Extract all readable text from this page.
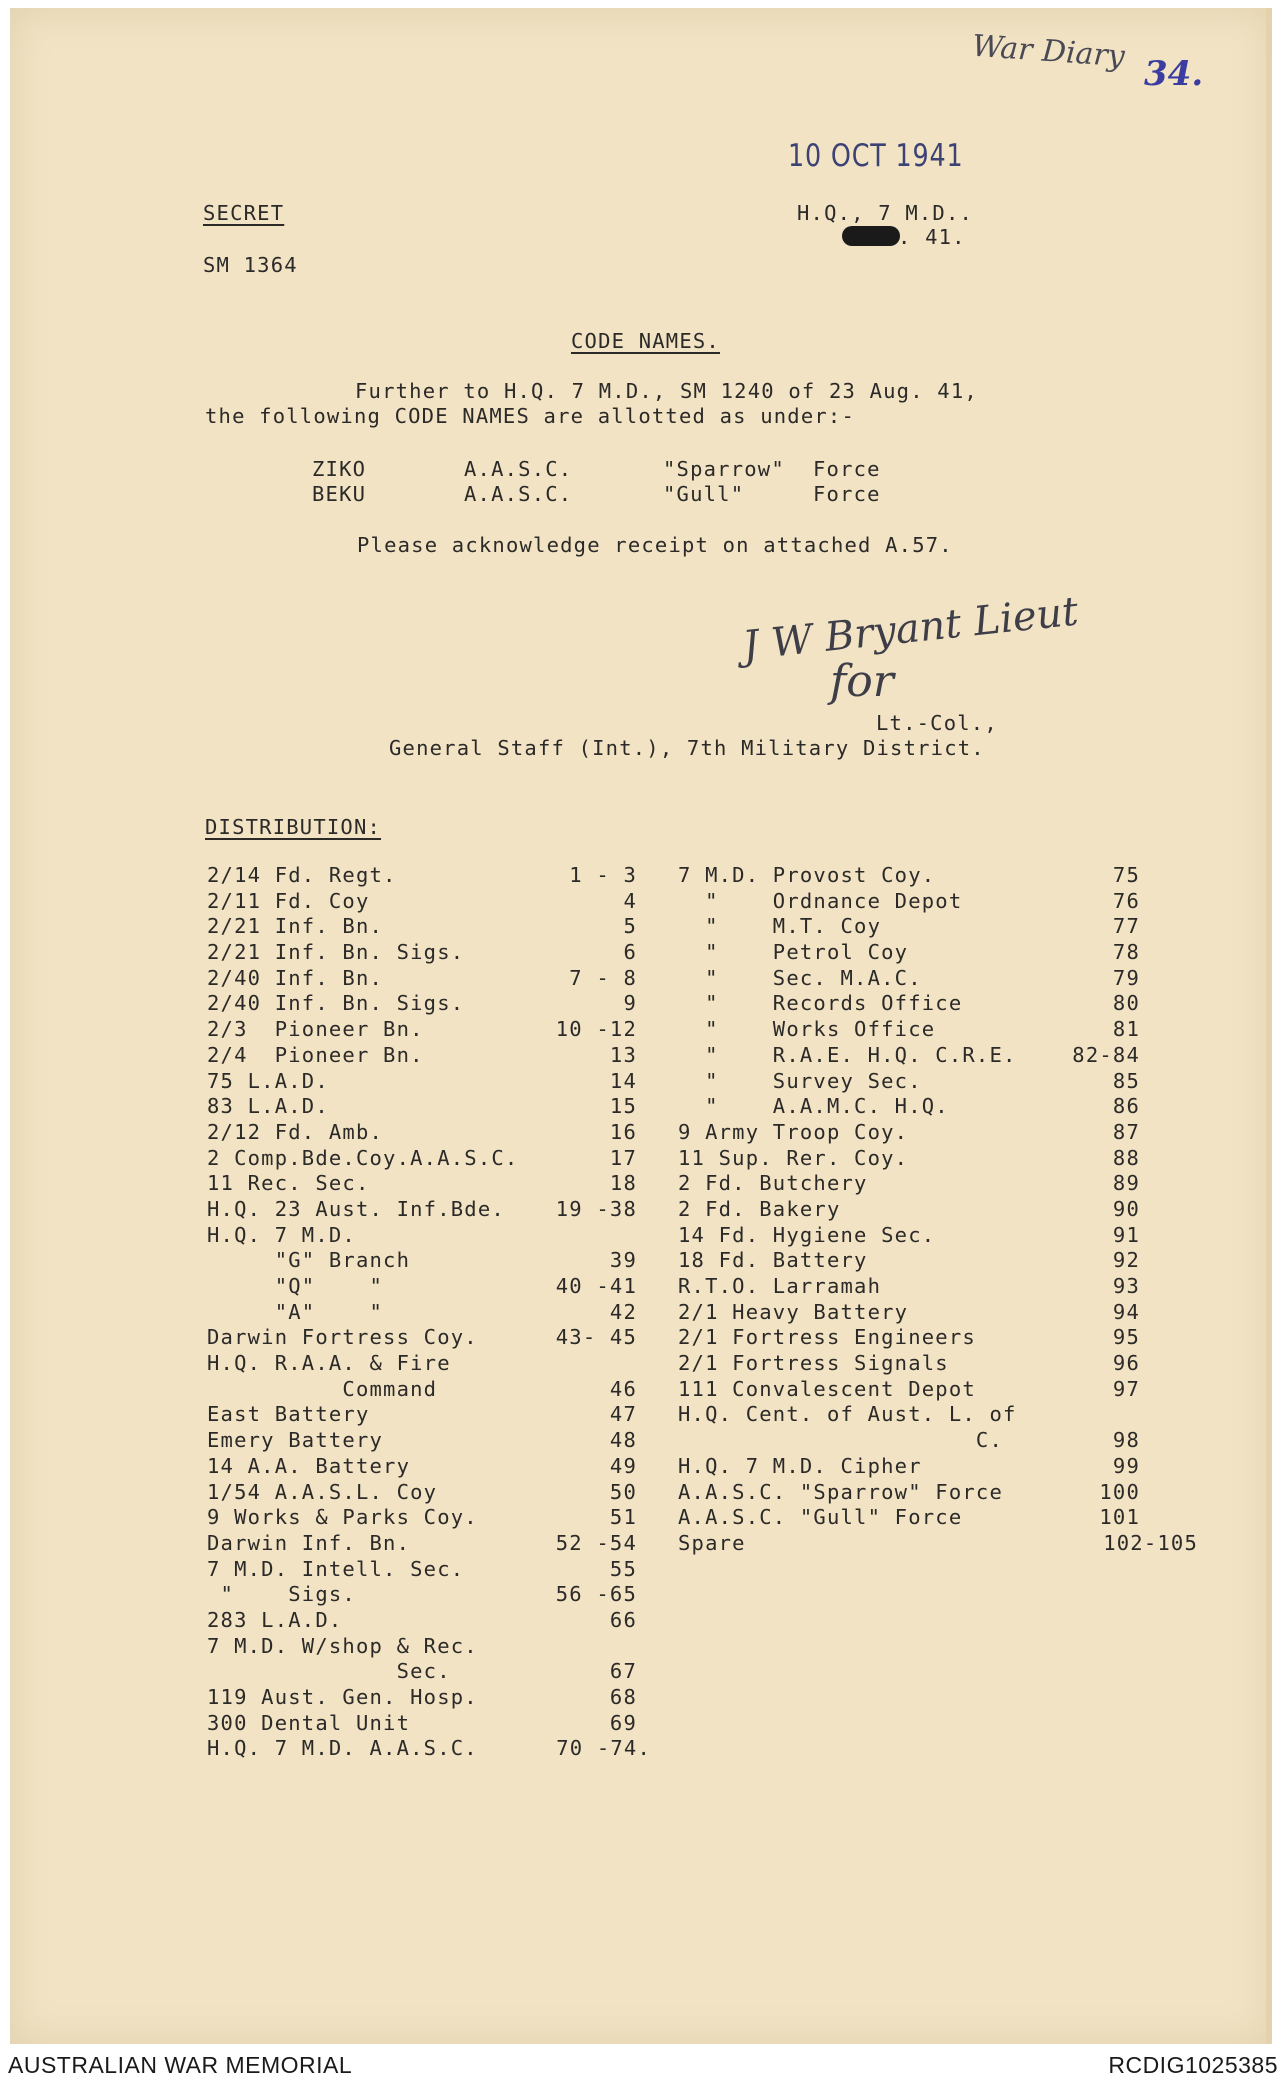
War Diary 34.
10 OCT 1941
SECRET
SM 1364
H.Q., 7 M.D..
. 41.
CODE NAMES.
Further to H.Q. 7 M.D., SM 1240 of 23 Aug. 41,
the following CODE NAMES are allotted as under:-
ZIKO	A.A.S.C.	"Sparrow" Force
BEKU	A.A.S.C.	"Gull"	Force
Please acknowledge receipt on attached A.57.
J W Bryant Lieut
for
Lt.-Col.,
General Staff (Int.), 7th Military District.
DISTRIBUTION:
2/14 Fd. Regt.	1 - 3
2/11 Fd. Coy	4
2/21 Inf. Bn.	5
2/21 Inf. Bn. Sigs.	6
2/40 Inf. Bn.	7 - 8
2/40 Inf. Bn. Sigs.	9
2/3  Pioneer Bn.	10 -12
2/4  Pioneer Bn.	13
75 L.A.D.	14
83 L.A.D.	15
2/12 Fd. Amb.	16
2 Comp.Bde.Coy.A.A.S.C.	17
11 Rec. Sec.	18
H.Q. 23 Aust. Inf.Bde. 19 -38
H.Q. 7 M.D.
"G" Branch	39
"Q"    "	40 -41
"A"    "	42
Darwin Fortress Coy.	43- 45
H.Q. R.A.A. & Fire
Command	46
East Battery	47
Emery Battery	48
14 A.A. Battery	49
1/54 A.A.S.L. Coy	50
9 Works & Parks Coy.	51
Darwin Inf. Bn.	52 -54
7 M.D. Intell. Sec.	55
"    Sigs.	56 -65
283 L.A.D.	66
7 M.D. W/shop & Rec.
Sec.	67
119 Aust. Gen. Hosp.	68
300 Dental Unit	69
H.Q. 7 M.D. A.A.S.C.	70 -74.
7 M.D. Provost Coy.	75
"    Ordnance Depot	76
"    M.T. Coy	77
"    Petrol Coy	78
"    Sec. M.A.C.	79
"    Records Office	80
"    Works Office	81
"    R.A.E. H.Q. C.R.E.	82-84
"    Survey Sec.	85
"    A.A.M.C. H.Q.	86
9 Army Troop Coy.	87
11 Sup. Rer. Coy.	88
2 Fd. Butchery	89
2 Fd. Bakery	90
14 Fd. Hygiene Sec.	91
18 Fd. Battery	92
R.T.O. Larramah	93
2/1 Heavy Battery	94
2/1 Fortress Engineers	95
2/1 Fortress Signals	96
111 Convalescent Depot	97
H.Q. Cent. of Aust. L. of
C.	98
H.Q. 7 M.D. Cipher	99
A.A.S.C. "Sparrow" Force	100
A.A.S.C. "Gull" Force	101
Spare	102-105
AUSTRALIAN WAR MEMORIAL	RCDIG1025385
